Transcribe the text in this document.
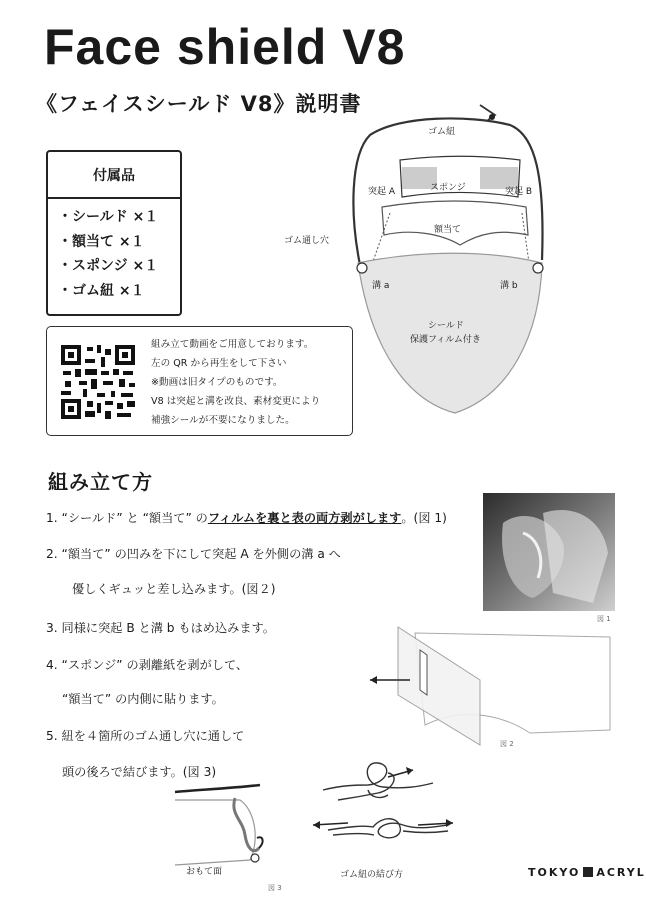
Face shield V8
《フェイスシールド V8》説明書
付属品
・シールド ×１
・額当て ×１
・スポンジ ×１
・ゴム紐 ×１
ゴム紐
スポンジ
突起 A	突起 B
額当て
ゴム通し穴
溝 a	溝 b
シールド
保護フィルム付き
組み立て動画をご用意しております。
左の QR から再生をして下さい
※動画は旧タイプのものです。
V8 は突起と溝を改良、素材変更により
補強シールが不要になりました。
組み立て方
1. “シールド” と “額当て” のフィルムを裏と表の両方剥がします。(図 1)
2. “額当て” の凹みを下にして突起 A を外側の溝 a へ
優しくギュッと差し込みます。(図２)
3. 同様に突起 B と溝 b もはめ込みます。
4. “スポンジ” の剥離紙を剥がして、
“額当て” の内側に貼ります。
5. 紐を４箇所のゴム通し穴に通して
頭の後ろで結びます。(図 3)
図 1
図 2
おもて面
図 3
ゴム紐の結び方	TOKYO ACRYL
